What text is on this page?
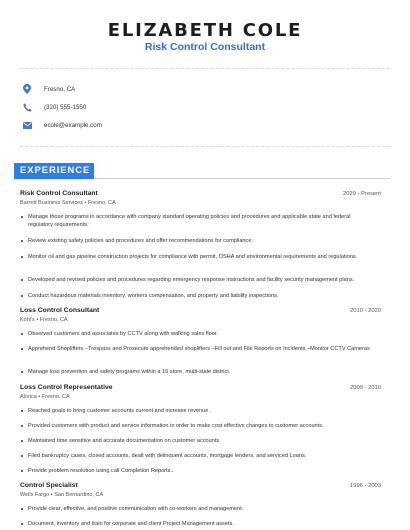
ELIZABETH COLE
Risk Control Consultant
Fresno, CA
(320) 555-1550
ecole@example.com
EXPERIENCE
Risk Control Consultant	2020 - Present
Barrett Business Services • Fresno, CA
Manage those programs in accordance with company standard operating policies and procedures and applicable state and federal regulatory requirements.
Review existing safety policies and procedures and offer recommendations for compliance.
Monitor oil and gas pipeline construction projects for compliance with permit, OSHA and environmental requirements and regulations.
Developed and revised policies and procedures regarding emergency response instructions and facility security management plans.
Conduct hazardous materials inventory, workers compensation, and property and liability inspections.
Loss Control Consultant	2010 - 2020
Kohl's • Fresno, CA
Observed customers and associates by CCTV along with walking sales floor.
Apprehend Shoplifters –Trespass and Prosecute apprehended shoplifters –Fill out and File Reports on Incidents –Monitor CCTV Cameras
Manage loss prevention and safety programs within a 16 store, multi-state district.
Loss Control Representative	2009 - 2010
Alorica • Fresno, CA
Reached goals to bring customer accounts current and increase revenue .
Provided customers with product and service information in order to make cost effective changes to customer accounts.
Maintained time sensitive and accurate documentation on customer accounts
Filed bankruptcy cases, closed accounts, dealt with delinquent accounts, mortgage lenders, and serviced Loans.
Provide problem resolution using call Completion Reports..
Control Specialist	1996 - 2003
Wells Fargo • San Bernardino, CA
Provide clear, effective, and positive communication with co-workers and management.
Document, inventory and train for corporate and client Project Management assets.
